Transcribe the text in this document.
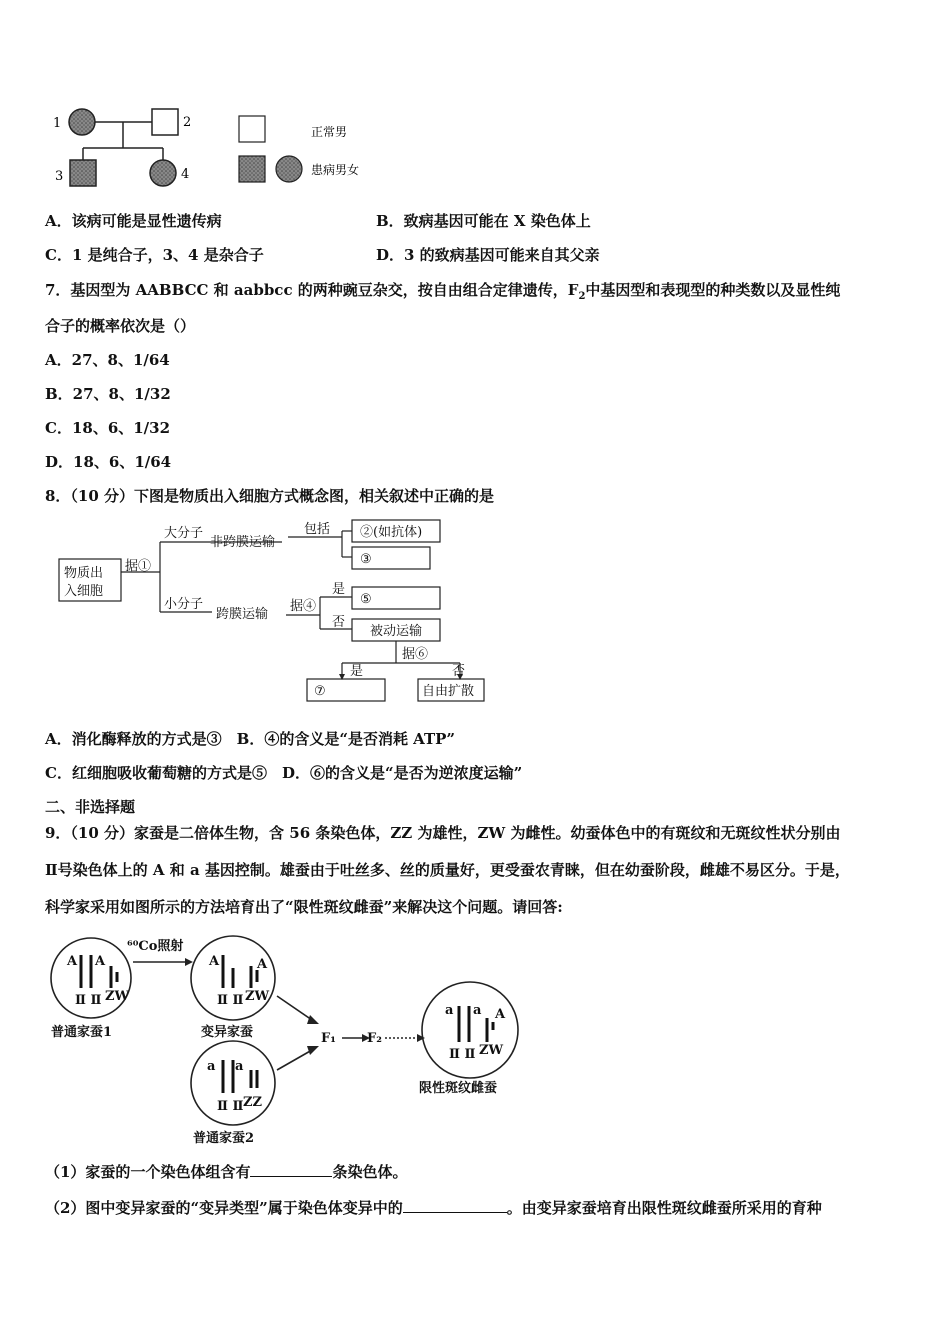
1	2
3	4
正常男
患病男女
A．该病可能是显性遗传病	B．致病基因可能在 X 染色体上
C．1 是纯合子，3、4 是杂合子	D．3 的致病基因可能来自其父亲
7．基因型为 AABBCC 和 aabbcc 的两种豌豆杂交，按自由组合定律遗传，$F_2$中基因型和表现型的种类数以及显性纯
合子的概率依次是（）
A．27、8、1/64
B．27、8、1/32
C．18、6、1/32
D．18、6、1/64
8．（10 分）下图是物质出入细胞方式概念图，相关叙述中正确的是
物质出
入细胞
据①
大分子
非跨膜运输
包括 ②(如抗体)
③
小分子
跨膜运输
据④
是
否
⑤
被动运输
据⑥
是	否
⑦	自由扩散
A．消化酶释放的方式是③　B．④的含义是“是否消耗 ATP”
C．红细胞吸收葡萄糖的方式是⑤　D．⑥的含义是“是否为逆浓度运输”
二、非选择题
9．（10 分）家蚕是二倍体生物，含 56 条染色体，ZZ 为雄性，ZW 为雌性。幼蚕体色中的有斑纹和无斑纹性状分别由
Ⅱ号染色体上的 A 和 a 基因控制。雄蚕由于吐丝多、丝的质量好，更受蚕农青睐，但在幼蚕阶段，雌雄不易区分。于是，
科学家采用如图所示的方法培育出了“限性斑纹雌蚕”来解决这个问题。请回答:
⁶⁰Co照射
A A
Ⅱ Ⅱ ZW
普通家蚕1
A	A
Ⅱ Ⅱ ZW
变异家蚕
a a
Ⅱ Ⅱ ZZ
普通家蚕2
F₁ F₂
a a A
Ⅱ Ⅱ ZW
限性斑纹雌蚕
（1）家蚕的一个染色体组含有	条染色体。
（2）图中变异家蚕的“变异类型”属于染色体变异中的	。由变异家蚕培育出限性斑纹雌蚕所采用的育种
